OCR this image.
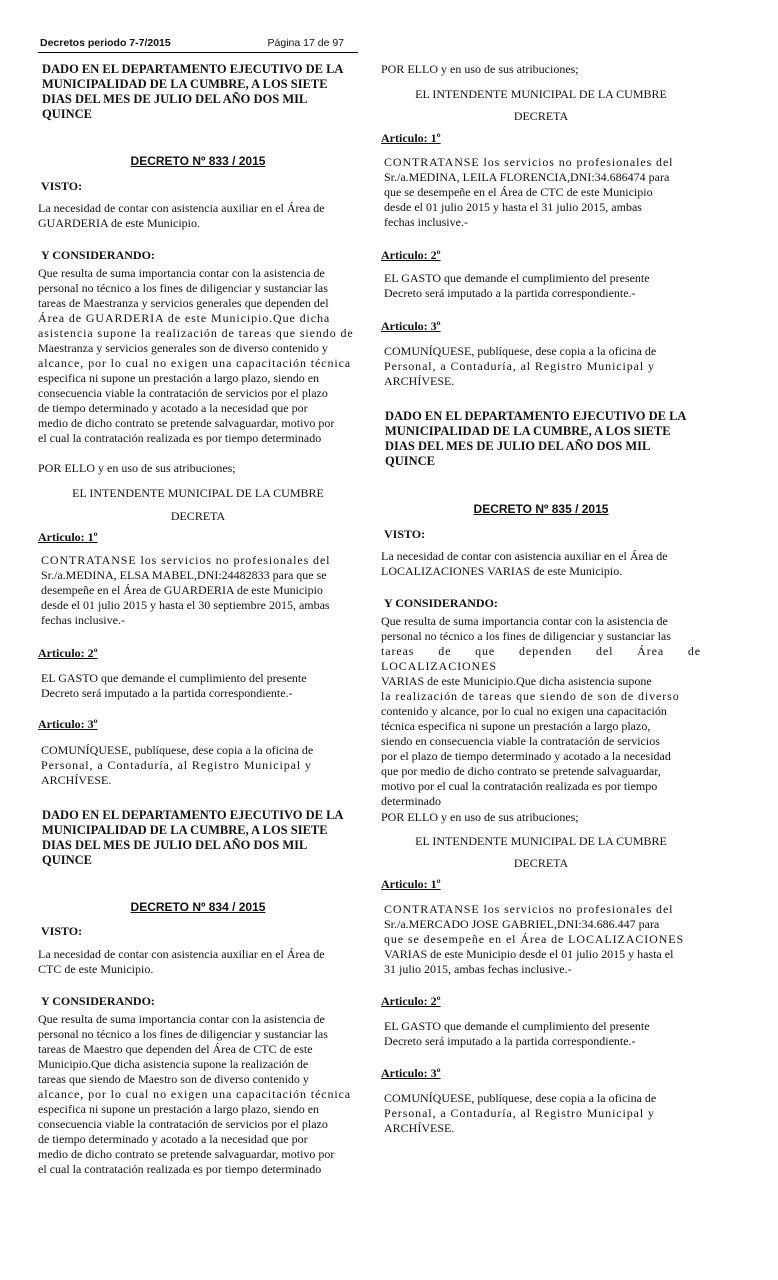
Decretos periodo 7-7/2015	Página 17 de 97
DADO EN EL DEPARTAMENTO EJECUTIVO DE LA
MUNICIPALIDAD DE LA CUMBRE, A LOS SIETE
DIAS DEL MES DE JULIO DEL AÑO DOS MIL
QUINCE
DECRETO Nº 833 / 2015
VISTO:
La necesidad de contar con asistencia auxiliar en el Área de
GUARDERIA de este Municipio.
Y CONSIDERANDO:
Que resulta de suma importancia contar con la asistencia de
personal no técnico a los fines de diligenciar y sustanciar las
tareas de Maestranza y servicios generales que dependen del
Área de GUARDERIA de este Municipio.Que dicha
asistencia supone la realización de tareas que siendo de
Maestranza y servicios generales son de diverso contenido y
alcance, por lo cual no exigen una capacitación técnica
especifica ni supone un prestación a largo plazo, siendo en
consecuencia viable la contratación de servicios por el plazo
de tiempo determinado y acotado a la necesidad que por
medio de dicho contrato se pretende salvaguardar, motivo por
el cual la contratación realizada es por tiempo determinado
POR ELLO y en uso de sus atribuciones;
EL INTENDENTE MUNICIPAL DE LA CUMBRE
DECRETA
Articulo: 1º
CONTRATANSE los servicios no profesionales del
Sr./a.MEDINA, ELSA MABEL,DNI:24482833 para que se
desempeñe en el Área de GUARDERIA de este Municipio
desde el 01 julio 2015 y hasta el 30 septiembre 2015, ambas
fechas inclusive.-
Articulo: 2º
EL GASTO que demande el cumplimiento del presente
Decreto será imputado a la partida correspondiente.-
Articulo: 3º
COMUNÍQUESE, publíquese, dese copia a la oficina de
Personal, a Contaduría, al Registro Municipal y
ARCHÍVESE.
DADO EN EL DEPARTAMENTO EJECUTIVO DE LA
MUNICIPALIDAD DE LA CUMBRE, A LOS SIETE
DIAS DEL MES DE JULIO DEL AÑO DOS MIL
QUINCE
DECRETO Nº 834 / 2015
VISTO:
La necesidad de contar con asistencia auxiliar en el Área de
CTC de este Municipio.
Y CONSIDERANDO:
Que resulta de suma importancia contar con la asistencia de
personal no técnico a los fines de diligenciar y sustanciar las
tareas de Maestro que dependen del Área de CTC de este
Municipio.Que dicha asistencia supone la realización de
tareas que siendo de Maestro son de diverso contenido y
alcance, por lo cual no exigen una capacitación técnica
especifica ni supone un prestación a largo plazo, siendo en
consecuencia viable la contratación de servicios por el plazo
de tiempo determinado y acotado a la necesidad que por
medio de dicho contrato se pretende salvaguardar, motivo por
el cual la contratación realizada es por tiempo determinado
POR ELLO y en uso de sus atribuciones;
EL INTENDENTE MUNICIPAL DE LA CUMBRE
DECRETA
Articulo: 1º
CONTRATANSE los servicios no profesionales del
Sr./a.MEDINA, LEILA FLORENCIA,DNI:34.686474 para
que se desempeñe en el Área de CTC de este Municipio
desde el 01 julio 2015 y hasta el 31 julio 2015, ambas
fechas inclusive.-
Articulo: 2º
EL GASTO que demande el cumplimiento del presente
Decreto será imputado a la partida correspondiente.-
Articulo: 3º
COMUNÍQUESE, publíquese, dese copia a la oficina de
Personal, a Contaduría, al Registro Municipal y
ARCHÍVESE.
DADO EN EL DEPARTAMENTO EJECUTIVO DE LA
MUNICIPALIDAD DE LA CUMBRE, A LOS SIETE
DIAS DEL MES DE JULIO DEL AÑO DOS MIL
QUINCE
DECRETO Nº 835 / 2015
VISTO:
La necesidad de contar con asistencia auxiliar en el Área de
LOCALIZACIONES VARIAS de este Municipio.
Y CONSIDERANDO:
Que resulta de suma importancia contar con la asistencia de
personal no técnico a los fines de diligenciar y sustanciar las
tareas de que dependen del Área de LOCALIZACIONES
VARIAS de este Municipio.Que dicha asistencia supone
la realización de tareas que siendo de son de diverso
contenido y alcance, por lo cual no exigen una capacitación
técnica especifica ni supone un prestación a largo plazo,
siendo en consecuencia viable la contratación de servicios
por el plazo de tiempo determinado y acotado a la necesidad
que por medio de dicho contrato se pretende salvaguardar,
motivo por el cual la contratación realizada es por tiempo
determinado
POR ELLO y en uso de sus atribuciones;
EL INTENDENTE MUNICIPAL DE LA CUMBRE
DECRETA
Articulo: 1º
CONTRATANSE los servicios no profesionales del
Sr./a.MERCADO JOSE GABRIEL,DNI:34.686.447 para
que se desempeñe en el Área de LOCALIZACIONES
VARIAS de este Municipio desde el 01 julio 2015 y hasta el
31 julio 2015, ambas fechas inclusive.-
Articulo: 2º
EL GASTO que demande el cumplimiento del presente
Decreto será imputado a la partida correspondiente.-
Articulo: 3º
COMUNÍQUESE, publíquese, dese copia a la oficina de
Personal, a Contaduría, al Registro Municipal y
ARCHÍVESE.
